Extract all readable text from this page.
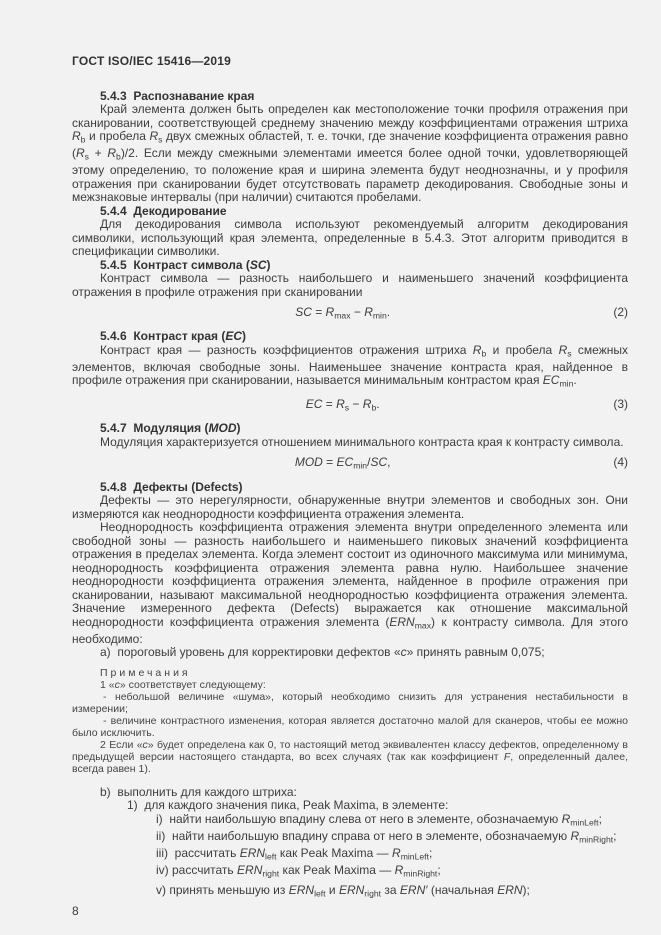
ГОСТ ISO/IEC 15416—2019
5.4.3  Распознавание края

Край элемента должен быть определен как местоположение точки профиля отражения при сканировании, соответствующей среднему значению между коэффициентами отражения штриха $R_b$ и пробела $R_s$ двух смежных областей, т. е. точки, где значение коэффициента отражения равно $(R_s + R_b)/2$. Если между смежными элементами имеется более одной точки, удовлетворяющей этому определению, то положение края и ширина элемента будут неоднозначны, и у профиля отражения при сканировании будет отсутствовать параметр декодирования. Свободные зоны и межзнаковые интервалы (при наличии) считаются пробелами.

5.4.4  Декодирование

Для декодирования символа используют рекомендуемый алгоритм декодирования символики, использующий края элемента, определенные в 5.4.3. Этот алгоритм приводится в спецификации символики.

5.4.5  Контраст символа (SC)

Контраст символа — разность наибольшего и наименьшего значений коэффициента отражения в профиле отражения при сканировании

SC = $R_{max} - R_{min}$.	(2)
5.4.6  Контраст края (EC)

Контраст края — разность коэффициентов отражения штриха $R_b$ и пробела $R_s$ смежных элементов, включая свободные зоны. Наименьшее значение контраста края, найденное в профиле отражения при сканировании, называется минимальным контрастом края $EC_{min}$.

EC = $R_s - R_b$.	(3)
5.4.7  Модуляция (MOD)

Модуляция характеризуется отношением минимального контраста края к контрасту символа.

MOD = $EC_{min}/SC$,	(4)
5.4.8  Дефекты (Defects)

Дефекты — это нерегулярности, обнаруженные внутри элементов и свободных зон. Они измеряются как неоднородности коэффициента отражения элемента.

Неоднородность коэффициента отражения элемента внутри определенного элемента или свободной зоны — разность наибольшего и наименьшего пиковых значений коэффициента отражения в пределах элемента. Когда элемент состоит из одиночного максимума или минимума, неоднородность коэффициента отражения элемента равна нулю. Наибольшее значение неоднородности коэффициента отражения элемента, найденное в профиле отражения при сканировании, называют максимальной неоднородностью коэффициента отражения элемента. Значение измеренного дефекта (Defects) выражается как отношение максимальной неоднородности коэффициента отражения элемента $(ERN_{max})$ к контрасту символа. Для этого необходимо:

a)  пороговый уровень для корректировки дефектов «с» принять равным 0,075;
Примечания

1 «с» соответствует следующему:

- небольшой величине «шума», который необходимо снизить для устранения нестабильности в измерении;

- величине контрастного изменения, которая является достаточно малой для сканеров, чтобы ее можно было исключить.

2 Если «с» будет определена как 0, то настоящий метод эквивалентен классу дефектов, определенному в предыдущей версии настоящего стандарта, во всех случаях (так как коэффициент F, определенный далее, всегда равен 1).

b)  выполнить для каждого штриха:
1)  для каждого значения пика, Peak Maxima, в элементе:
i)  найти наибольшую впадину слева от него в элементе, обозначаемую $R_{minLeft}$;
ii)  найти наибольшую впадину справа от него в элементе, обозначаемую $R_{minRight}$;
iii)  рассчитать $ERN_{left}$ как Peak Maxima — $R_{minLeft}$;
iv) рассчитать $ERN_{right}$ как Peak Maxima — $R_{minRight}$;
v) принять меньшую из $ERN_{left}$ и $ERN_{right}$ за ERN′ (начальная ERN);
8
